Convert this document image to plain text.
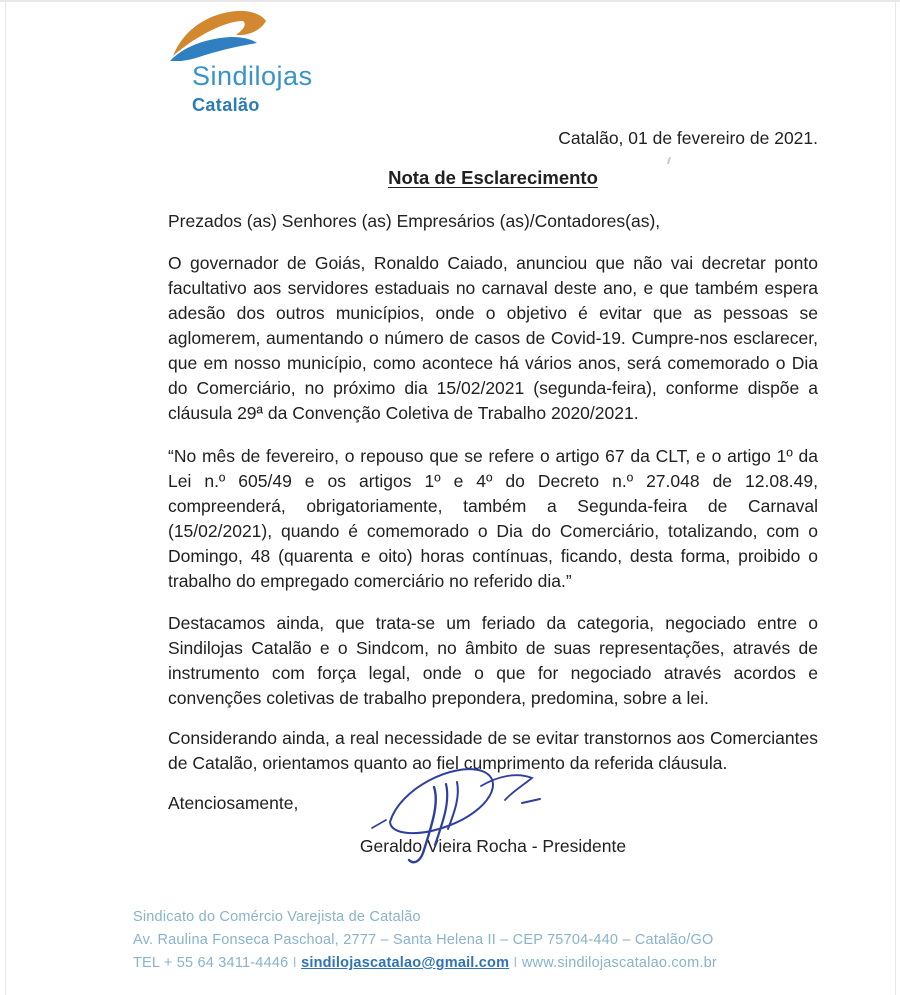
Sindilojas
Catalão
Catalão, 01 de fevereiro de 2021.
Nota de Esclarecimento

Prezados (as) Senhores (as) Empresários (as)/Contadores(as),

O governador de Goiás, Ronaldo Caiado, anunciou que não vai decretar ponto facultativo aos servidores estaduais no carnaval deste ano, e que também espera adesão dos outros municípios, onde o objetivo é evitar que as pessoas se aglomerem, aumentando o número de casos de Covid-19. Cumpre-nos esclarecer, que em nosso município, como acontece há vários anos, será comemorado o Dia do Comerciário, no próximo dia 15/02/2021 (segunda-feira), conforme dispõe a cláusula 29ª da Convenção Coletiva de Trabalho 2020/2021.

“No mês de fevereiro, o repouso que se refere o artigo 67 da CLT, e o artigo 1º da Lei n.º 605/49 e os artigos 1º e 4º do Decreto n.º 27.048 de 12.08.49, compreenderá, obrigatoriamente, também a Segunda-feira de Carnaval (15/02/2021), quando é comemorado o Dia do Comerciário, totalizando, com o Domingo, 48 (quarenta e oito) horas contínuas, ficando, desta forma, proibido o trabalho do empregado comerciário no referido dia.”

Destacamos ainda, que trata-se um feriado da categoria, negociado entre o Sindilojas Catalão e o Sindcom, no âmbito de suas representações, através de instrumento com força legal, onde o que for negociado através acordos e convenções coletivas de trabalho prepondera, predomina, sobre a lei.

Considerando ainda, a real necessidade de se evitar transtornos aos Comerciantes de Catalão, orientamos quanto ao fiel cumprimento da referida cláusula.

Atenciosamente,

Geraldo Vieira Rocha - Presidente
Sindicato do Comércio Varejista de Catalão
Av. Raulina Fonseca Paschoal, 2777 – Santa Helena II – CEP 75704-440 – Catalão/GO
TEL + 55 64 3411-4446 I sindilojascatalao@gmail.com I www.sindilojascatalao.com.br
